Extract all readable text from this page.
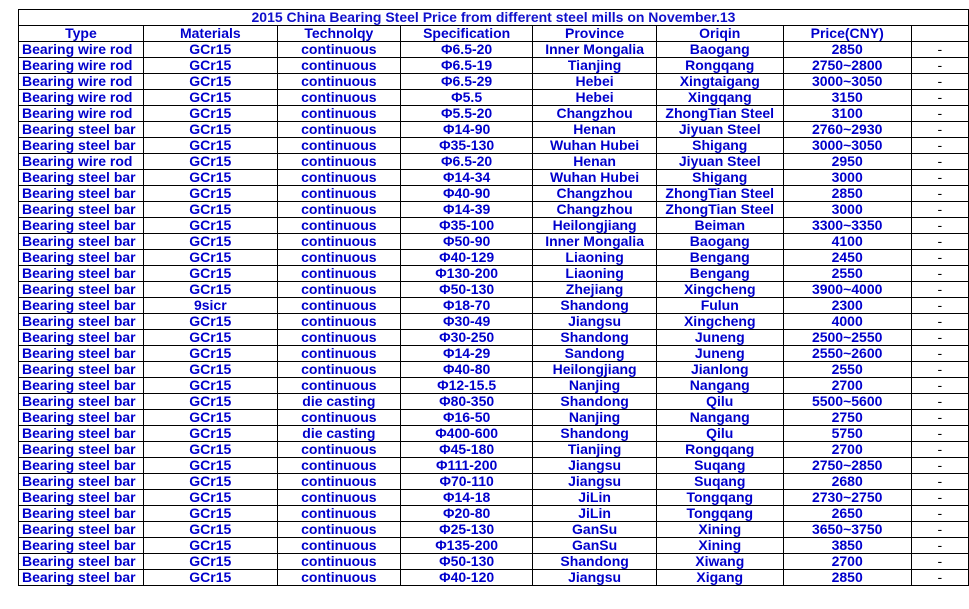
2015 China Bearing Steel Price from different steel mills on November.13							
Type	Materials	Technolqy	Specification	Province	Oriqin	Price(CNY)	
Bearing wire rod	GCr15	continuous	Φ6.5-20	Inner Mongalia	Baogang	2850	-
Bearing wire rod	GCr15	continuous	Φ6.5-19	Tianjing	Rongqang	2750~2800	-
Bearing wire rod	GCr15	continuous	Φ6.5-29	Hebei	Xingtaigang	3000~3050	-
Bearing wire rod	GCr15	continuous	Φ5.5	Hebei	Xingqang	3150	-
Bearing wire rod	GCr15	continuous	Φ5.5-20	Changzhou	ZhongTian Steel	3100	-
Bearing steel bar	GCr15	continuous	Φ14-90	Henan	Jiyuan Steel	2760~2930	-
Bearing steel bar	GCr15	continuous	Φ35-130	Wuhan Hubei	Shigang	3000~3050	-
Bearing wire rod	GCr15	continuous	Φ6.5-20	Henan	Jiyuan Steel	2950	-
Bearing steel bar	GCr15	continuous	Φ14-34	Wuhan Hubei	Shigang	3000	-
Bearing steel bar	GCr15	continuous	Φ40-90	Changzhou	ZhongTian Steel	2850	-
Bearing steel bar	GCr15	continuous	Φ14-39	Changzhou	ZhongTian Steel	3000	-
Bearing steel bar	GCr15	continuous	Φ35-100	Heilongjiang	Beiman	3300~3350	-
Bearing steel bar	GCr15	continuous	Φ50-90	Inner Mongalia	Baogang	4100	-
Bearing steel bar	GCr15	continuous	Φ40-129	Liaoning	Bengang	2450	-
Bearing steel bar	GCr15	continuous	Φ130-200	Liaoning	Bengang	2550	-
Bearing steel bar	GCr15	continuous	Φ50-130	Zhejiang	Xingcheng	3900~4000	-
Bearing steel bar	9sicr	continuous	Φ18-70	Shandong	Fulun	2300	-
Bearing steel bar	GCr15	continuous	Φ30-49	Jiangsu	Xingcheng	4000	-
Bearing steel bar	GCr15	continuous	Φ30-250	Shandong	Juneng	2500~2550	-
Bearing steel bar	GCr15	continuous	Φ14-29	Sandong	Juneng	2550~2600	-
Bearing steel bar	GCr15	continuous	Φ40-80	Heilongjiang	Jianlong	2550	-
Bearing steel bar	GCr15	continuous	Φ12-15.5	Nanjing	Nangang	2700	-
Bearing steel bar	GCr15	die casting	Φ80-350	Shandong	Qilu	5500~5600	-
Bearing steel bar	GCr15	continuous	Φ16-50	Nanjing	Nangang	2750	-
Bearing steel bar	GCr15	die casting	Φ400-600	Shandong	Qilu	5750	-
Bearing steel bar	GCr15	continuous	Φ45-180	Tianjing	Rongqang	2700	-
Bearing steel bar	GCr15	continuous	Φ111-200	Jiangsu	Suqang	2750~2850	-
Bearing steel bar	GCr15	continuous	Φ70-110	Jiangsu	Suqang	2680	-
Bearing steel bar	GCr15	continuous	Φ14-18	JiLin	Tongqang	2730~2750	-
Bearing steel bar	GCr15	continuous	Φ20-80	JiLin	Tongqang	2650	-
Bearing steel bar	GCr15	continuous	Φ25-130	GanSu	Xining	3650~3750	-
Bearing steel bar	GCr15	continuous	Φ135-200	GanSu	Xining	3850	-
Bearing steel bar	GCr15	continuous	Φ50-130	Shandong	Xiwang	2700	-
Bearing steel bar	GCr15	continuous	Φ40-120	Jiangsu	Xigang	2850	-
